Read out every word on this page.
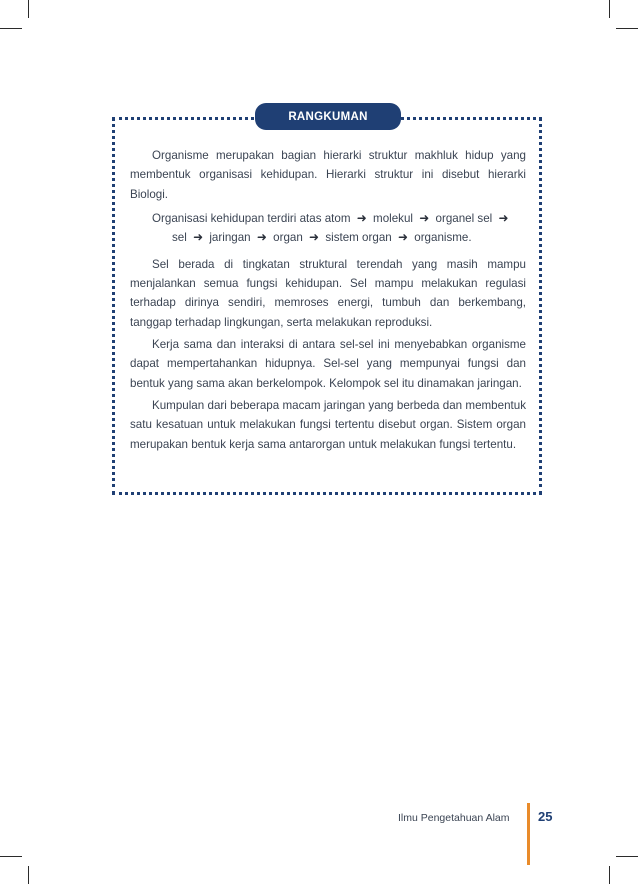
RANGKUMAN

Organisme merupakan bagian hierarki struktur makhluk hidup yang membentuk organisasi kehidupan. Hierarki struktur ini disebut hierarki Biologi.

Organisasi kehidupan terdiri atas atom ➜ molekul ➜ organel sel ➜
sel ➜ jaringan ➜ organ ➜ sistem organ ➜ organisme.

Sel berada di tingkatan struktural terendah yang masih mampu menjalankan semua fungsi kehidupan. Sel mampu melakukan regulasi terhadap dirinya sendiri, memroses energi, tumbuh dan berkembang, tanggap terhadap lingkungan, serta melakukan reproduksi.

Kerja sama dan interaksi di antara sel-sel ini menyebabkan organisme dapat mempertahankan hidupnya. Sel-sel yang mempunyai fungsi dan bentuk yang sama akan berkelompok. Kelompok sel itu dinamakan jaringan.

Kumpulan dari beberapa macam jaringan yang berbeda dan membentuk satu kesatuan untuk melakukan fungsi tertentu disebut organ. Sistem organ merupakan bentuk kerja sama antarorgan untuk melakukan fungsi tertentu.

Ilmu Pengetahuan Alam 25
